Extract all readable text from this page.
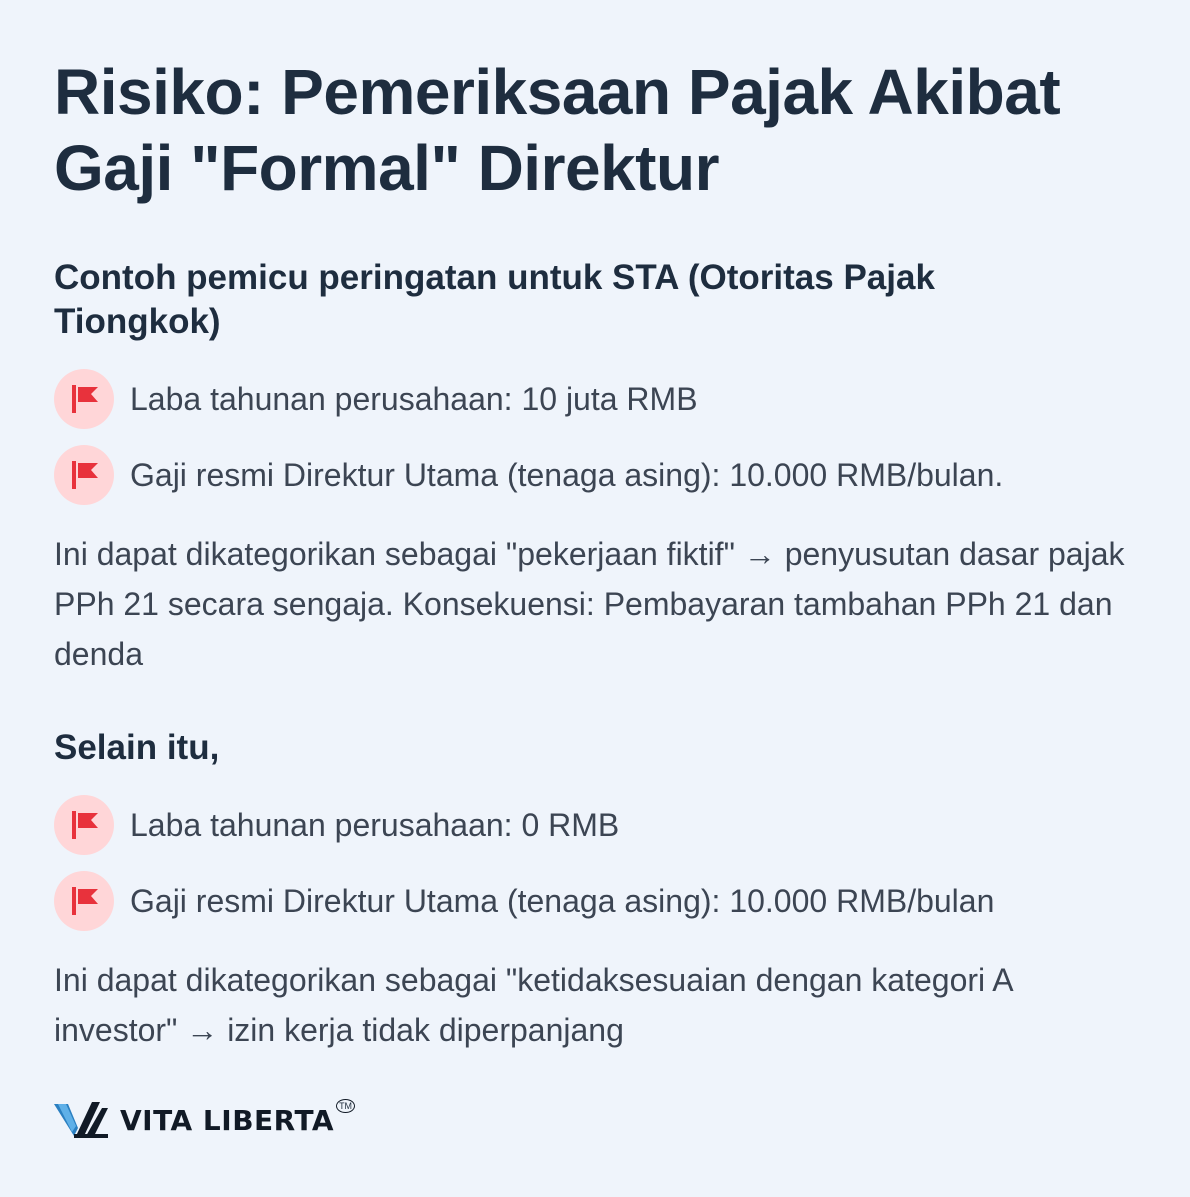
Risiko: Pemeriksaan Pajak Akibat
Gaji "Formal" Direktur
Contoh pemicu peringatan untuk STA (Otoritas Pajak Tiongkok)
Laba tahunan perusahaan: 10 juta RMB
Gaji resmi Direktur Utama (tenaga asing): 10.000 RMB/bulan.

Ini dapat dikategorikan sebagai "pekerjaan fiktif" → penyusutan dasar pajak PPh 21 secara sengaja. Konsekuensi: Pembayaran tambahan PPh 21 dan denda

Selain itu,
Laba tahunan perusahaan: 0 RMB
Gaji resmi Direktur Utama (tenaga asing): 10.000 RMB/bulan

Ini dapat dikategorikan sebagai "ketidaksesuaian dengan kategori A investor" → izin kerja tidak diperpanjang

VITA LIBERTA TM
